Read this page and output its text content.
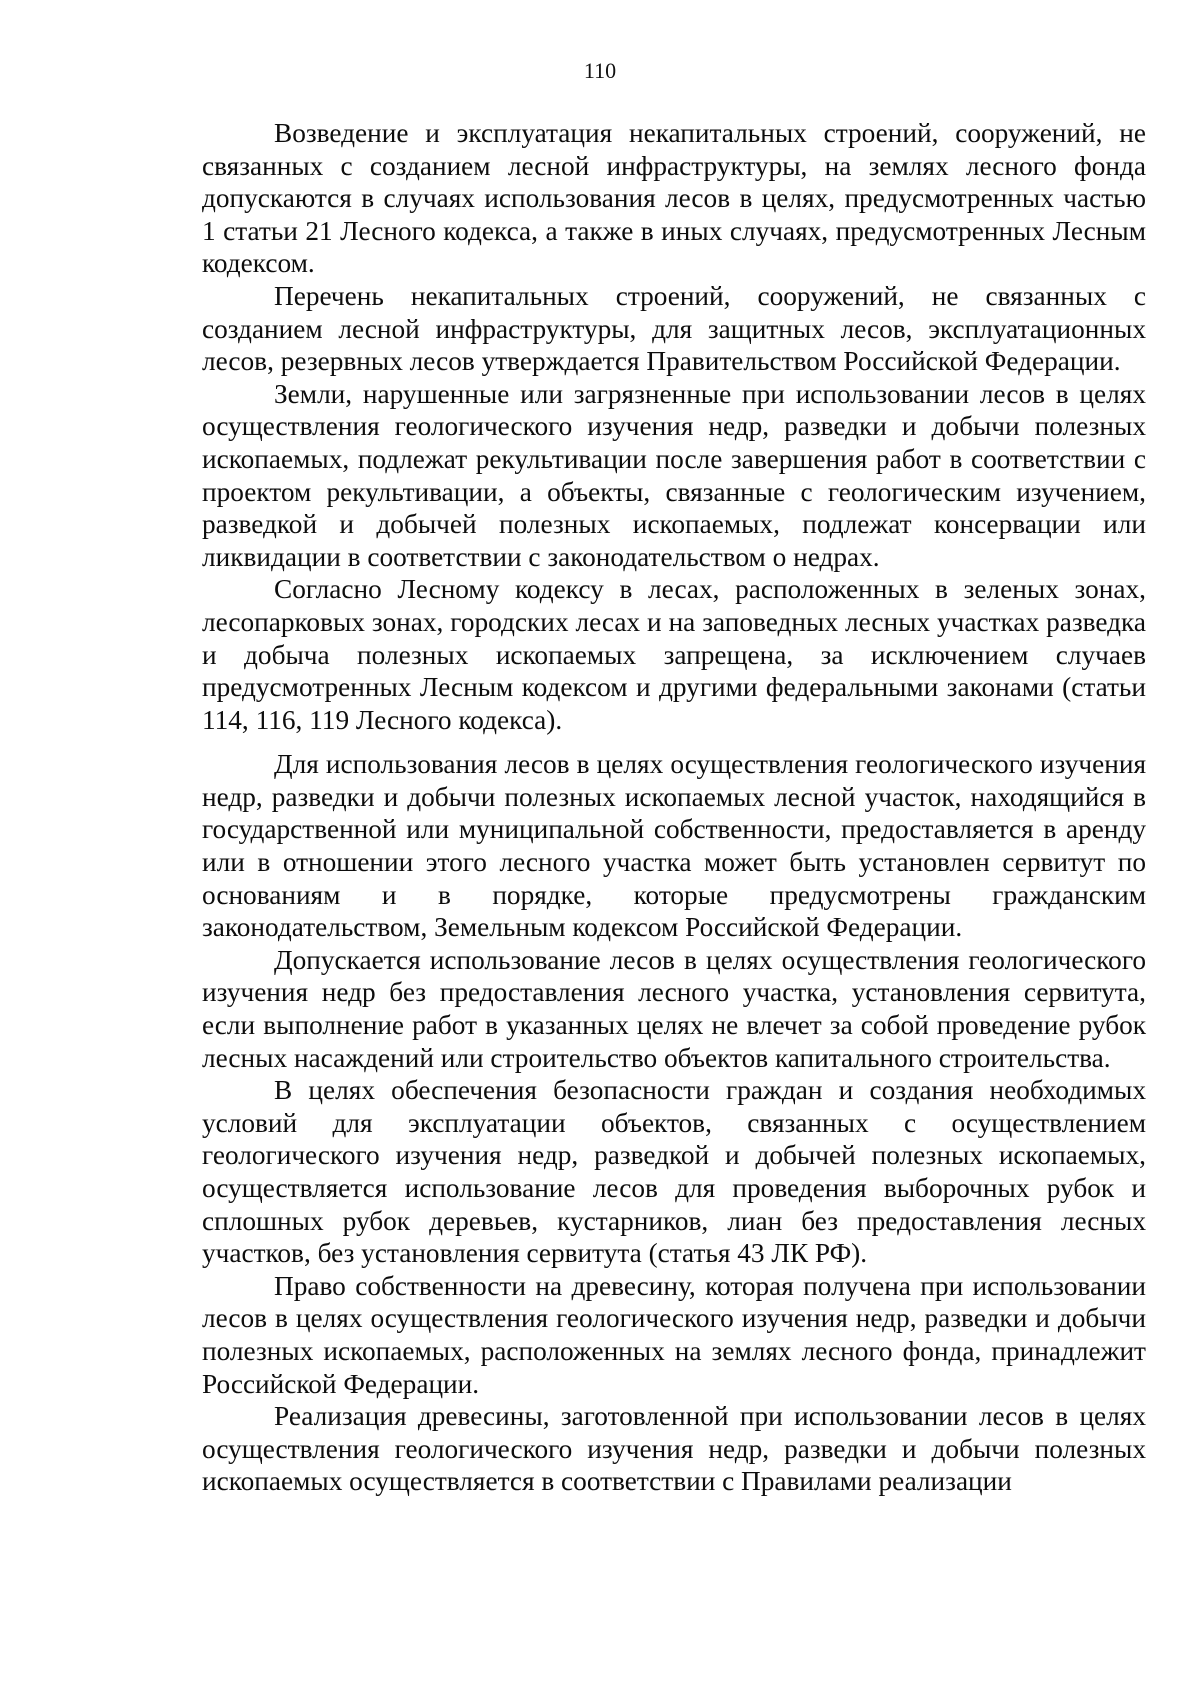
110

Возведение и эксплуатация некапитальных строений, сооружений, не связанных с созданием лесной инфраструктуры, на землях лесного фонда допускаются в случаях использования лесов в целях, предусмотренных частью 1 статьи 21 Лесного кодекса, а также в иных случаях, предусмотренных Лесным кодексом.

Перечень некапитальных строений, сооружений, не связанных с созданием лесной инфраструктуры, для защитных лесов, эксплуатационных лесов, резервных лесов утверждается Правительством Российской Федерации.

Земли, нарушенные или загрязненные при использовании лесов в целях осуществления геологического изучения недр, разведки и добычи полезных ископаемых, подлежат рекультивации после завершения работ в соответствии с проектом рекультивации, а объекты, связанные с геологическим изучением, разведкой и добычей полезных ископаемых, подлежат консервации или ликвидации в соответствии с законодательством о недрах.

Согласно Лесному кодексу в лесах, расположенных в зеленых зонах, лесопарковых зонах, городских лесах и на заповедных лесных участках разведка и добыча полезных ископаемых запрещена, за исключением случаев предусмотренных Лесным кодексом и другими федеральными законами (статьи 114, 116, 119 Лесного кодекса).

Для использования лесов в целях осуществления геологического изучения недр, разведки и добычи полезных ископаемых лесной участок, находящийся в государственной или муниципальной собственности, предоставляется в аренду или в отношении этого лесного участка может быть установлен сервитут по основаниям и в порядке, которые предусмотрены гражданским законодательством, Земельным кодексом Российской Федерации.

Допускается использование лесов в целях осуществления геологического изучения недр без предоставления лесного участка, установления сервитута, если выполнение работ в указанных целях не влечет за собой проведение рубок лесных насаждений или строительство объектов капитального строительства.

В целях обеспечения безопасности граждан и создания необходимых условий для эксплуатации объектов, связанных с осуществлением геологического изучения недр, разведкой и добычей полезных ископаемых, осуществляется использование лесов для проведения выборочных рубок и сплошных рубок деревьев, кустарников, лиан без предоставления лесных участков, без установления сервитута (статья 43 ЛК РФ).

Право собственности на древесину, которая получена при использовании лесов в целях осуществления геологического изучения недр, разведки и добычи полезных ископаемых, расположенных на землях лесного фонда, принадлежит Российской Федерации.

Реализация древесины, заготовленной при использовании лесов в целях осуществления геологического изучения недр, разведки и добычи полезных ископаемых осуществляется в соответствии с Правилами реализации
